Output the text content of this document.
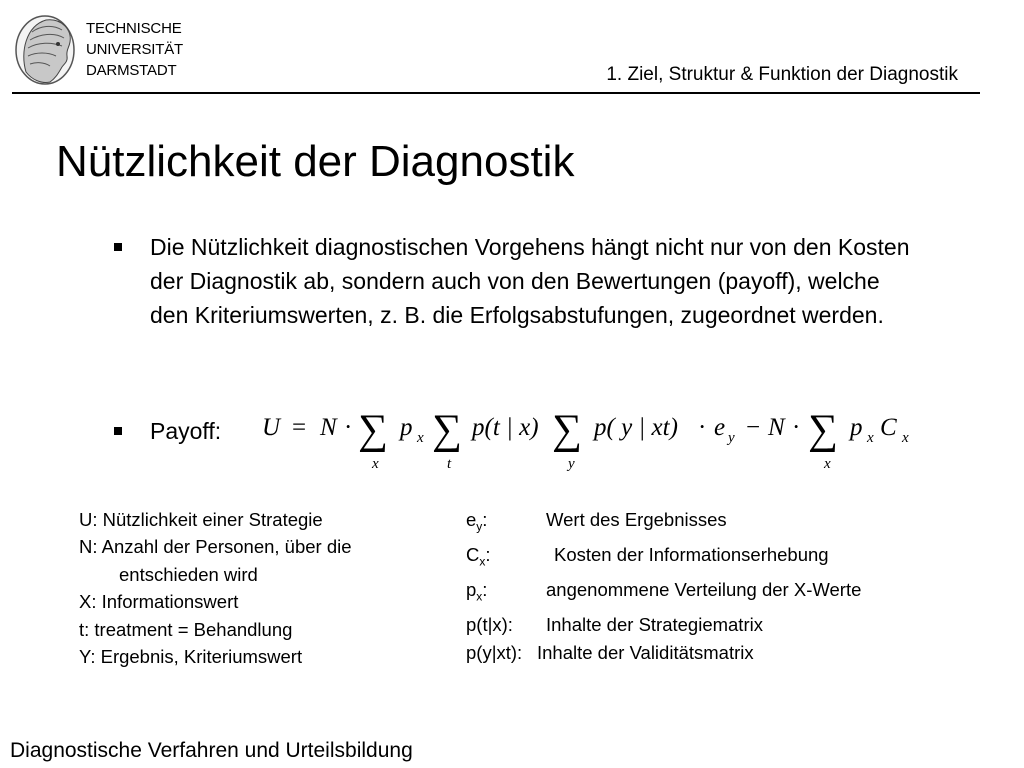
TECHNISCHE
UNIVERSITÄT
DARMSTADT	1. Ziel, Struktur & Funktion der Diagnostik
Nützlichkeit der Diagnostik
Die Nützlichkeit diagnostischen Vorgehens hängt nicht nur von den Kosten der Diagnostik ab, sondern auch von den Bewertungen (payoff), welche den Kriteriumswerten, z. B. die Erfolgsabstufungen, zugeordnet werden.
Payoff: U = N · ∑
x
p x ∑
t
p(t | x) ∑
y
p( y | xt) · e y − N · ∑
x
p x C x
U: Nützlichkeit einer Strategie
N: Anzahl der Personen, über die
entschieden wird
X: Informationswert
t: treatment = Behandlung
Y: Ergebnis, Kriteriumswert
$e_y$:	Wert des Ergebnisses
$C_x$:	Kosten der Informationserhebung
$p_x$:	angenommene Verteilung der X-Werte
p(t|x): Inhalte der Strategiematrix
p(y|xt): Inhalte der Validitätsmatrix
Diagnostische Verfahren und Urteilsbildung
